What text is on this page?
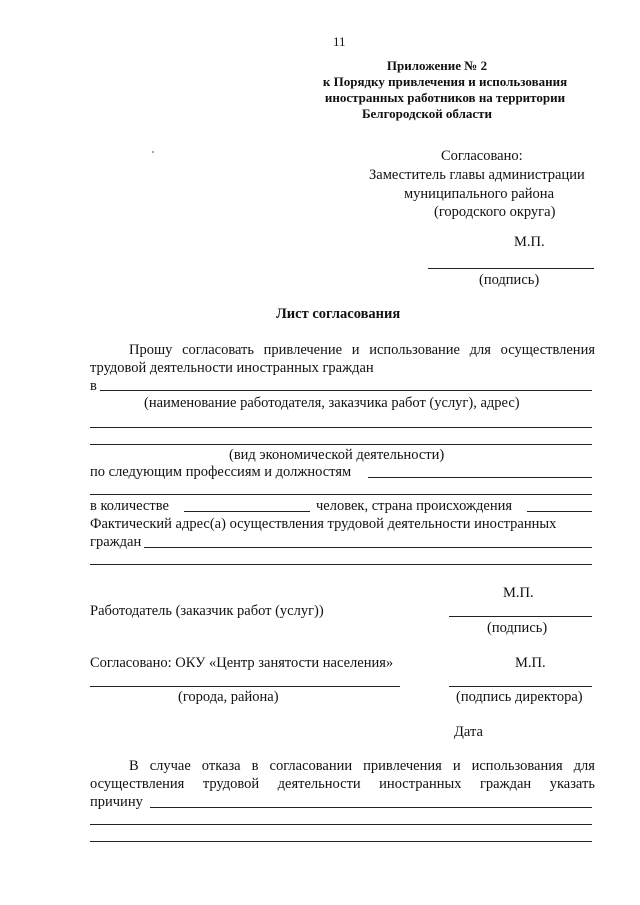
11
Приложение № 2
к Порядку привлечения и использования
иностранных работников на территории
Белгородской области
Согласовано:
Заместитель главы администрации
муниципального района
(городского округа)
М.П.
(подпись)
Лист согласования
Прошу согласовать привлечение и использование для осуществления
трудовой деятельности иностранных граждан
в
(наименование работодателя, заказчика работ (услуг), адрес)
(вид экономической деятельности)
по следующим профессиям и должностям
в количестве	человек, страна происхождения
Фактический адрес(а) осуществления трудовой деятельности иностранных
граждан
М.П.
Работодатель (заказчик работ (услуг))
(подпись)
Согласовано: ОКУ «Центр занятости населения»	М.П.
(города, района)	(подпись директора)
Дата
В случае отказа в согласовании привлечения и использования для
осуществления трудовой деятельности иностранных граждан указать
причину
